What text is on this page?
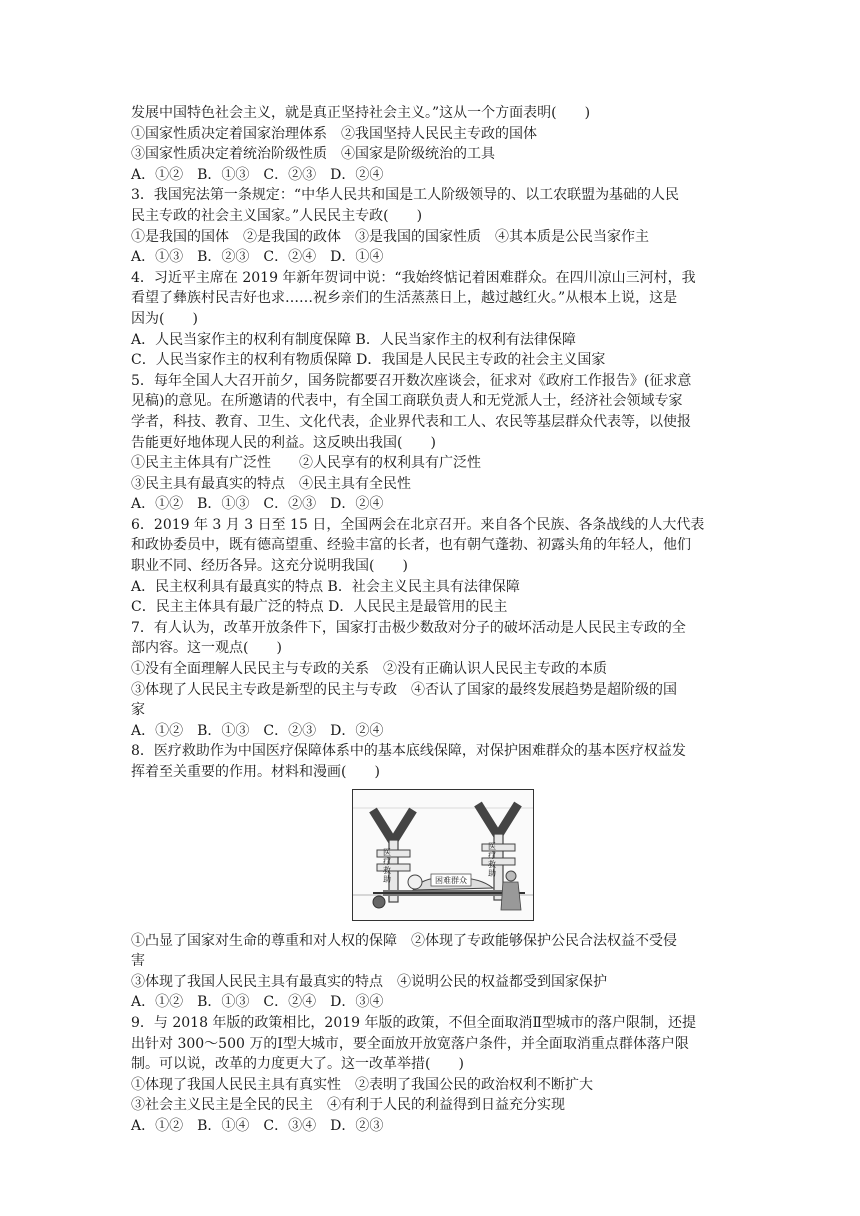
发展中国特色社会主义，就是真正坚持社会主义。”这从一个方面表明(　　)
①国家性质决定着国家治理体系　②我国坚持人民民主专政的国体
③国家性质决定着统治阶级性质　④国家是阶级统治的工具
A．①②　B．①③　C．②③　D．②④
3．我国宪法第一条规定：“中华人民共和国是工人阶级领导的、以工农联盟为基础的人民
民主专政的社会主义国家。”人民民主专政(　　)
①是我国的国体　②是我国的政体　③是我国的国家性质　④其本质是公民当家作主
A．①③　B．②③　C．②④　D．①④
4．习近平主席在 2019 年新年贺词中说：“我始终惦记着困难群众。在四川凉山三河村，我
看望了彝族村民吉好也求……祝乡亲们的生活蒸蒸日上，越过越红火。”从根本上说，这是
因为(　　)
A．人民当家作主的权利有制度保障 B．人民当家作主的权利有法律保障
C．人民当家作主的权利有物质保障 D．我国是人民民主专政的社会主义国家
5．每年全国人大召开前夕，国务院都要召开数次座谈会，征求对《政府工作报告》(征求意
见稿)的意见。在所邀请的代表中，有全国工商联负责人和无党派人士，经济社会领域专家
学者，科技、教育、卫生、文化代表，企业界代表和工人、农民等基层群众代表等，以使报
告能更好地体现人民的利益。这反映出我国(　　)
①民主主体具有广泛性　　②人民享有的权利具有广泛性
③民主具有最真实的特点　④民主具有全民性
A．①②　B．①③　C．②③　D．②④
6．2019 年 3 月 3 日至 15 日，全国两会在北京召开。来自各个民族、各条战线的人大代表
和政协委员中，既有德高望重、经验丰富的长者，也有朝气蓬勃、初露头角的年轻人，他们
职业不同、经历各异。这充分说明我国(　　)
A．民主权利具有最真实的特点 B．社会主义民主具有法律保障
C．民主主体具有最广泛的特点 D．人民民主是最管用的民主
7．有人认为，改革开放条件下，国家打击极少数敌对分子的破坏活动是人民民主专政的全
部内容。这一观点(　　)
①没有全面理解人民民主与专政的关系　②没有正确认识人民民主专政的本质
③体现了人民民主专政是新型的民主与专政　④否认了国家的最终发展趋势是超阶级的国
家
A．①②　B．①③　C．②③　D．②④
8．医疗救助作为中国医疗保障体系中的基本底线保障，对保护困难群众的基本医疗权益发
挥着至关重要的作用。材料和漫画(　　)
医疗救助
医疗救助
困难群众
①凸显了国家对生命的尊重和对人权的保障　②体现了专政能够保护公民合法权益不受侵
害
③体现了我国人民民主具有最真实的特点　④说明公民的权益都受到国家保护
A．①②　B．①③　C．②④　D．③④
9．与 2018 年版的政策相比，2019 年版的政策，不但全面取消Ⅱ型城市的落户限制，还提
出针对 300～500 万的Ⅰ型大城市，要全面放开放宽落户条件，并全面取消重点群体落户限
制。可以说，改革的力度更大了。这一改革举措(　　)
①体现了我国人民民主具有真实性　②表明了我国公民的政治权利不断扩大
③社会主义民主是全民的民主　④有利于人民的利益得到日益充分实现
A．①②　B．①④　C．③④　D．②③
